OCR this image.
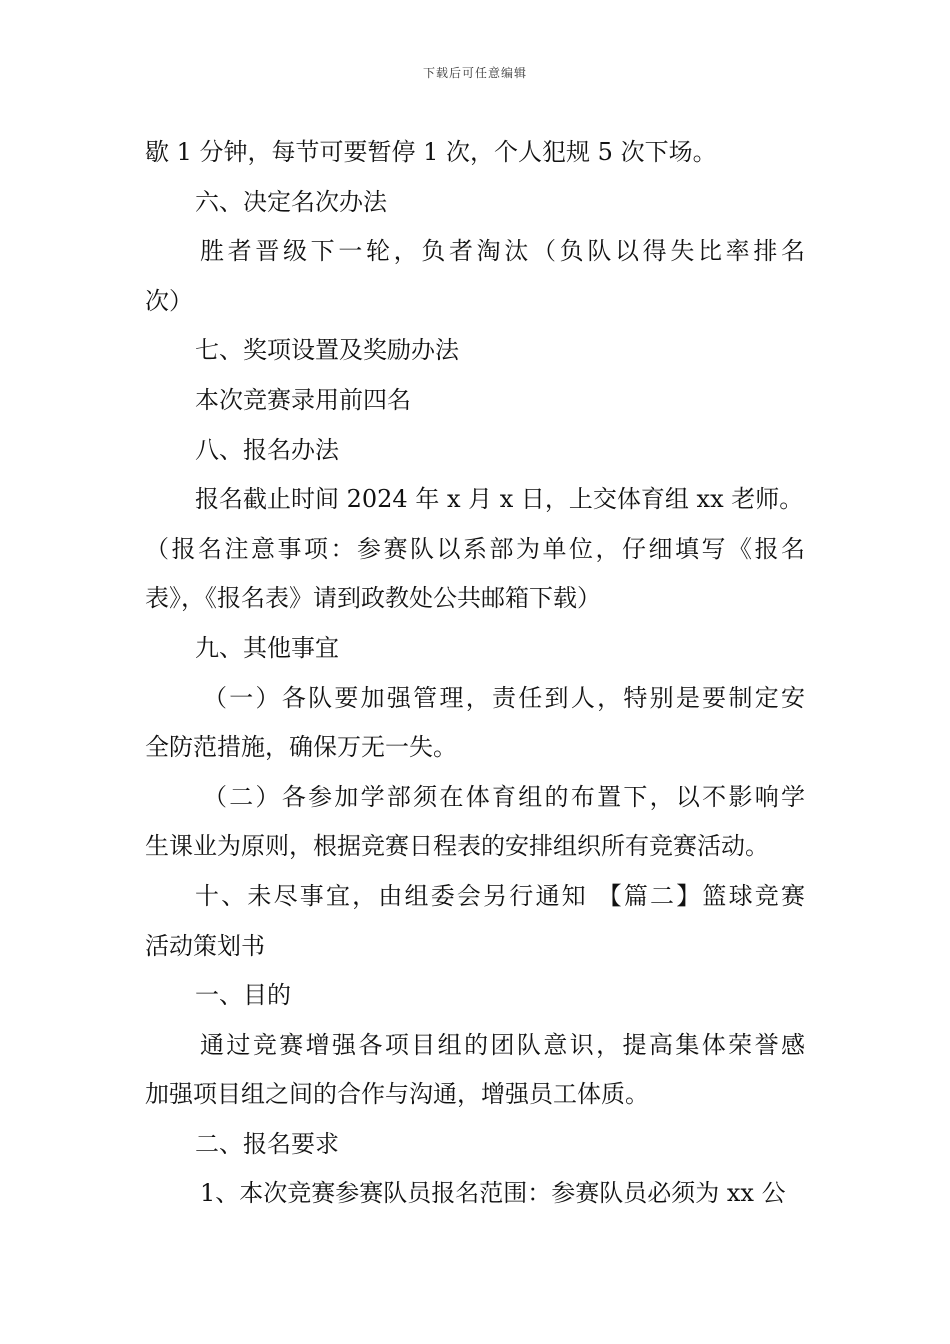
下载后可任意编辑
歇 1 分钟，每节可要暂停 1 次，个人犯规 5 次下场。
六、决定名次办法
胜者晋级下一轮，负者淘汰（负队以得失比率排名
次）
七、奖项设置及奖励办法
本次竞赛录用前四名
八、报名办法
报名截止时间 2024 年 x 月 x 日，上交体育组 xx 老师。
（报名注意事项：参赛队以系部为单位，仔细填写《报名
表》，《报名表》请到政教处公共邮箱下载）
九、其他事宜
（一）各队要加强管理，责任到人，特别是要制定安
全防范措施，确保万无一失。
（二）各参加学部须在体育组的布置下，以不影响学
生课业为原则，根据竞赛日程表的安排组织所有竞赛活动。
十、未尽事宜，由组委会另行通知 【篇二】篮球竞赛
活动策划书
一、目的
通过竞赛增强各项目组的团队意识，提高集体荣誉感
加强项目组之间的合作与沟通，增强员工体质。
二、报名要求
1、本次竞赛参赛队员报名范围：参赛队员必须为 xx 公
